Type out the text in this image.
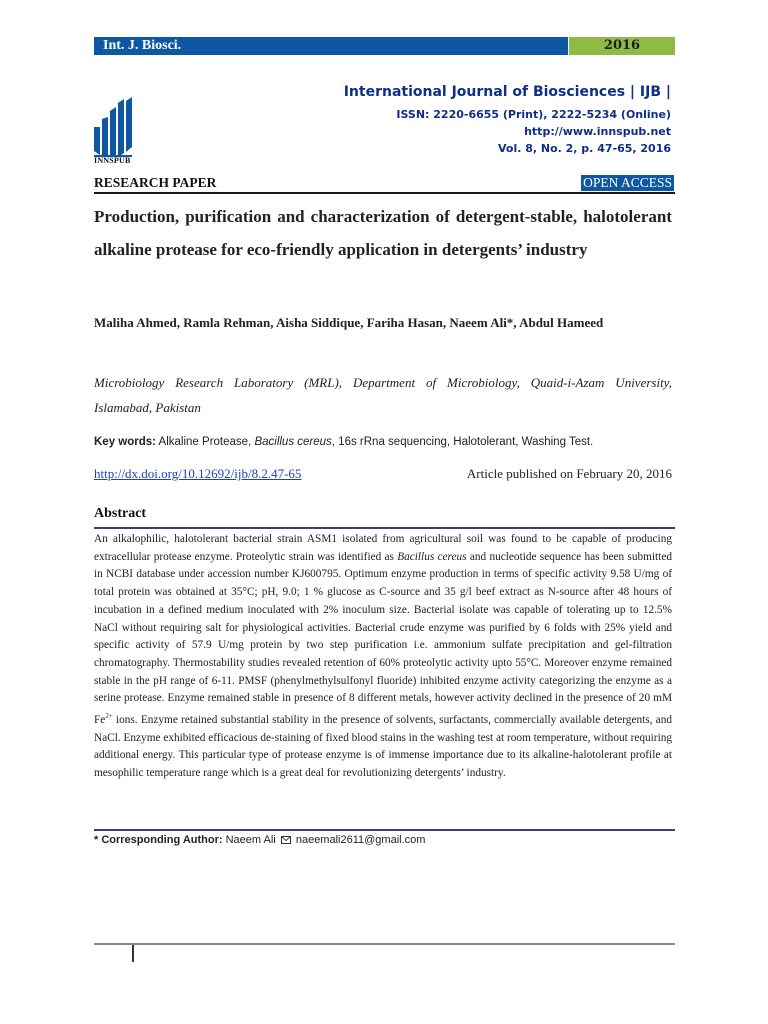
Int. J. Biosci.	2016
INNSPUB
International Journal of Biosciences | IJB |
ISSN: 2220-6655 (Print), 2222-5234 (Online)
http://www.innspub.net
Vol. 8, No. 2, p. 47-65, 2016
RESEARCH PAPER	OPEN ACCESS
Production, purification and characterization of detergent-stable, halotolerant alkaline protease for eco-friendly application in detergents’ industry
Maliha Ahmed, Ramla Rehman, Aisha Siddique, Fariha Hasan, Naeem Ali*, Abdul Hameed
Microbiology Research Laboratory (MRL), Department of Microbiology, Quaid-i-Azam University, Islamabad, Pakistan
Key words: Alkaline Protease, Bacillus cereus, 16s rRna sequencing, Halotolerant, Washing Test.
http://dx.doi.org/10.12692/ijb/8.2.47-65	Article published on February 20, 2016
Abstract

An alkalophilic, halotolerant bacterial strain ASM1 isolated from agricultural soil was found to be capable of producing extracellular protease enzyme. Proteolytic strain was identified as Bacillus cereus and nucleotide sequence has been submitted in NCBI database under accession number KJ600795. Optimum enzyme production in terms of specific activity 9.58 U/mg of total protein was obtained at 35°C; pH, 9.0; 1 % glucose as C-source and 35 g/l beef extract as N-source after 48 hours of incubation in a defined medium inoculated with 2% inoculum size. Bacterial isolate was capable of tolerating up to 12.5% NaCl without requiring salt for physiological activities. Bacterial crude enzyme was purified by 6 folds with 25% yield and specific activity of 57.9 U/mg protein by two step purification i.e. ammonium sulfate precipitation and gel-filtration chromatography. Thermostability studies revealed retention of 60% proteolytic activity upto 55°C. Moreover enzyme remained stable in the pH range of 6-11. PMSF (phenylmethylsulfonyl fluoride) inhibited enzyme activity categorizing the enzyme as a serine protease. Enzyme remained stable in presence of 8 different metals, however activity declined in the presence of 20 mM $Fe^{2+}$ ions. Enzyme retained substantial stability in the presence of solvents, surfactants, commercially available detergents, and NaCl. Enzyme exhibited efficacious de-staining of fixed blood stains in the washing test at room temperature, without requiring additional energy. This particular type of protease enzyme is of immense importance due to its alkaline-halotolerant profile at mesophilic temperature range which is a great deal for revolutionizing detergents’ industry.

* Corresponding Author: Naeem Ali
naeemali2611@gmail.com
